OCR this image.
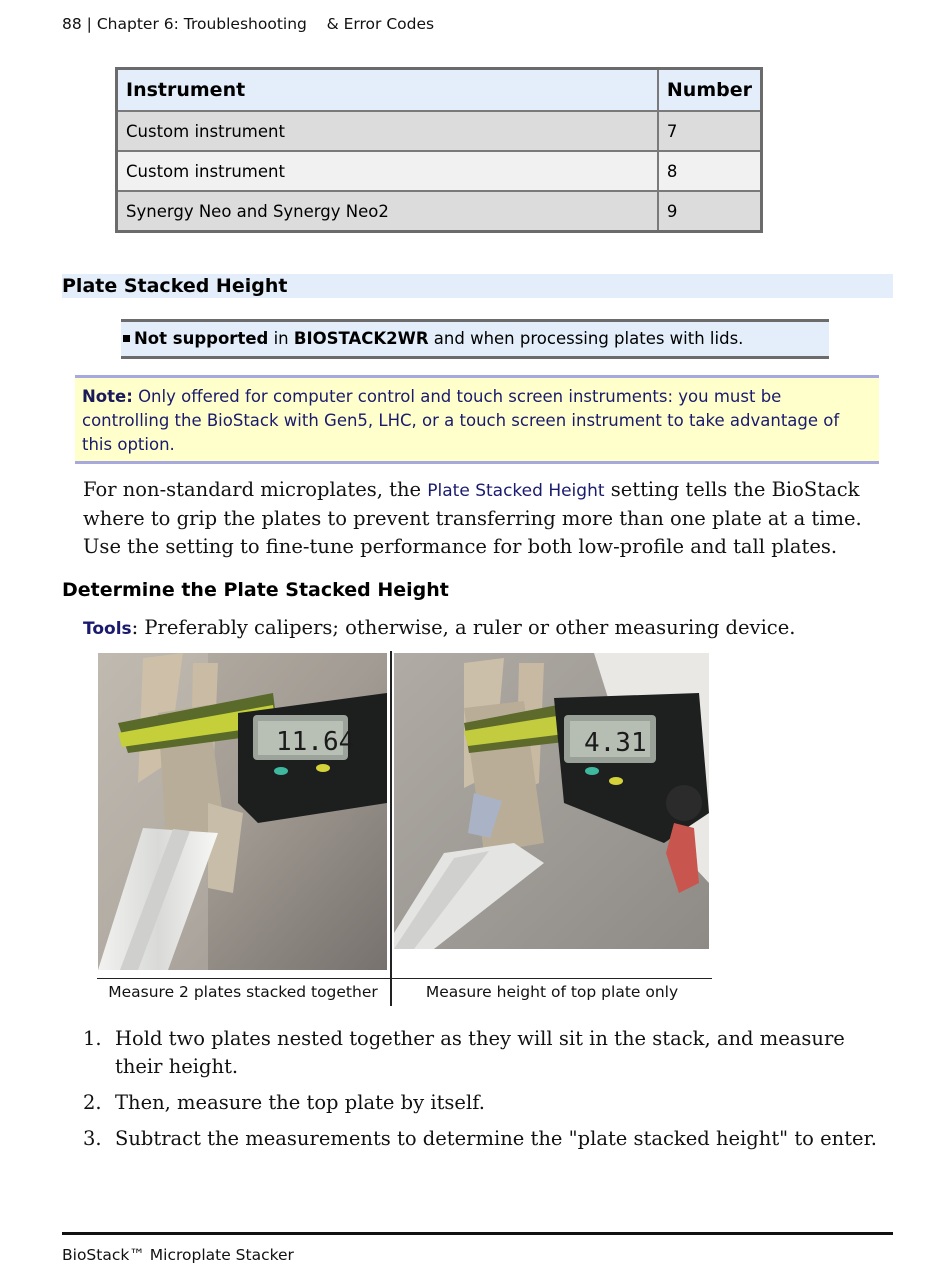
88 | Chapter 6: Troubleshooting & Error Codes
Instrument	Number
Custom instrument	7
Custom instrument	8
Synergy Neo and Synergy Neo2	9
Plate Stacked Height
Not supported in BIOSTACK2WR and when processing plates with lids.
Note: Only offered for computer control and touch screen instruments: you must be controlling the BioStack with Gen5, LHC, or a touch screen instrument to take advantage of this option.
For non-standard microplates, the Plate Stacked Height setting tells the BioStack where to grip the plates to prevent transferring more than one plate at a time. Use the setting to fine-tune performance for both low-profile and tall plates.
Determine the Plate Stacked Height
Tools: Preferably calipers; otherwise, a ruler or other measuring device.
11.64	4.31
Measure 2 plates stacked together	Measure height of top plate only
1. Hold two plates nested together as they will sit in the stack, and measure their height.
2. Then, measure the top plate by itself.
3. Subtract the measurements to determine the "plate stacked height" to enter.
BioStack™ Microplate Stacker
